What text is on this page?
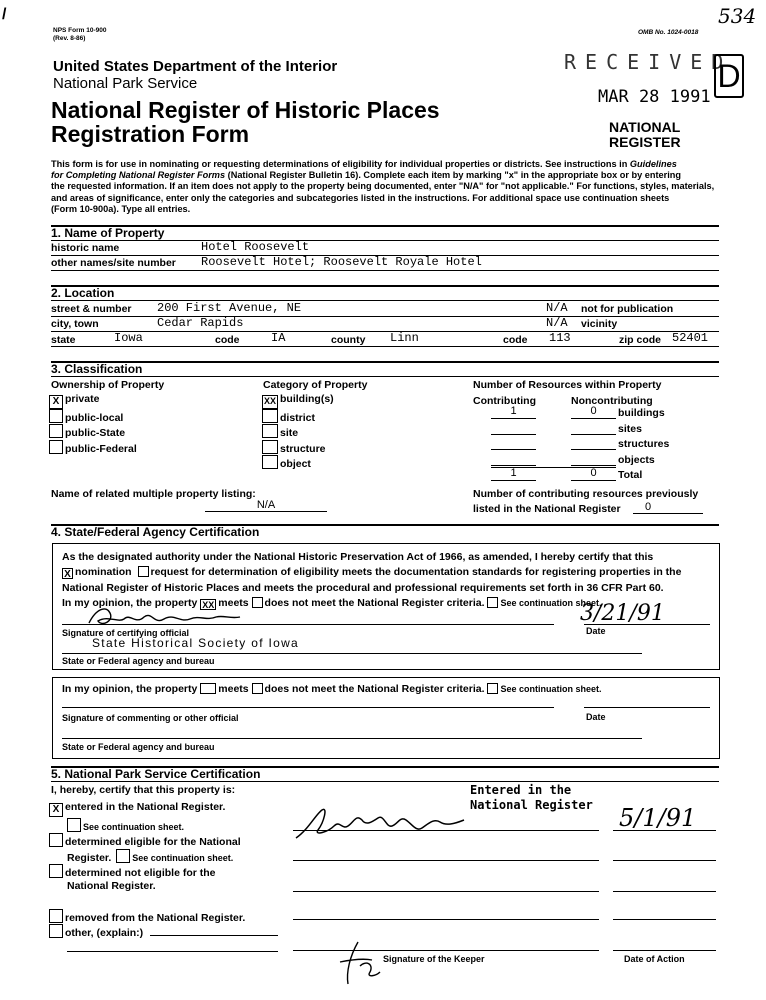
/
NPS Form 10-900
(Rev. 8-86)
OMB No. 1024-0018
534
United States Department of the Interior
National Park Service
National Register of Historic Places
Registration Form
RECEIVED
D
MAR 28 1991
NATIONAL
REGISTER
This form is for use in nominating or requesting determinations of eligibility for individual properties or districts. See instructions in Guidelines
for Completing National Register Forms (National Register Bulletin 16). Complete each item by marking "x" in the appropriate box or by entering
the requested information. If an item does not apply to the property being documented, enter "N/A" for "not applicable." For functions, styles, materials,
and areas of significance, enter only the categories and subcategories listed in the instructions. For additional space use continuation sheets
(Form 10-900a). Type all entries.
1. Name of Property
historic name	Hotel Roosevelt
other names/site number Roosevelt Hotel; Roosevelt Royale Hotel
2. Location
street & number 200 First Avenue, NE	N/A not for publication
city, town	Cedar Rapids	N/A vicinity
state	Iowa	code	IA	county Linn	code 113	zip code 52401
3. Classification
Ownership of Property	Category of Property	Number of Resources within Property
Contributing	Noncontributing
X private
public-local
public-State
public-Federal
XX building(s)
district
site
structure
object
1	0	buildings
sites
structures
objects
1	0	Total
Name of related multiple property listing:
N/A
Number of contributing resources previously
listed in the National Register	0
4. State/Federal Agency Certification
As the designated authority under the National Historic Preservation Act of 1966, as amended, I hereby certify that this
X nomination request for determination of eligibility meets the documentation standards for registering properties in the
National Register of Historic Places and meets the procedural and professional requirements set forth in 36 CFR Part 60.
In my opinion, the property XX meets does not meet the National Register criteria. See continuation sheet.
3/21/91
Signature of certifying official	Date
State Historical Society of Iowa
State or Federal agency and bureau
In my opinion, the property meets does not meet the National Register criteria. See continuation sheet.
Signature of commenting or other official	Date
State or Federal agency and bureau
5. National Park Service Certification
I, hereby, certify that this property is:
X entered in the National Register.
See continuation sheet.
determined eligible for the National
Register. See continuation sheet.
determined not eligible for the
National Register.
removed from the National Register.
other, (explain:)
Entered in the
National Register 5/1/91
Signature of the Keeper	Date of Action
